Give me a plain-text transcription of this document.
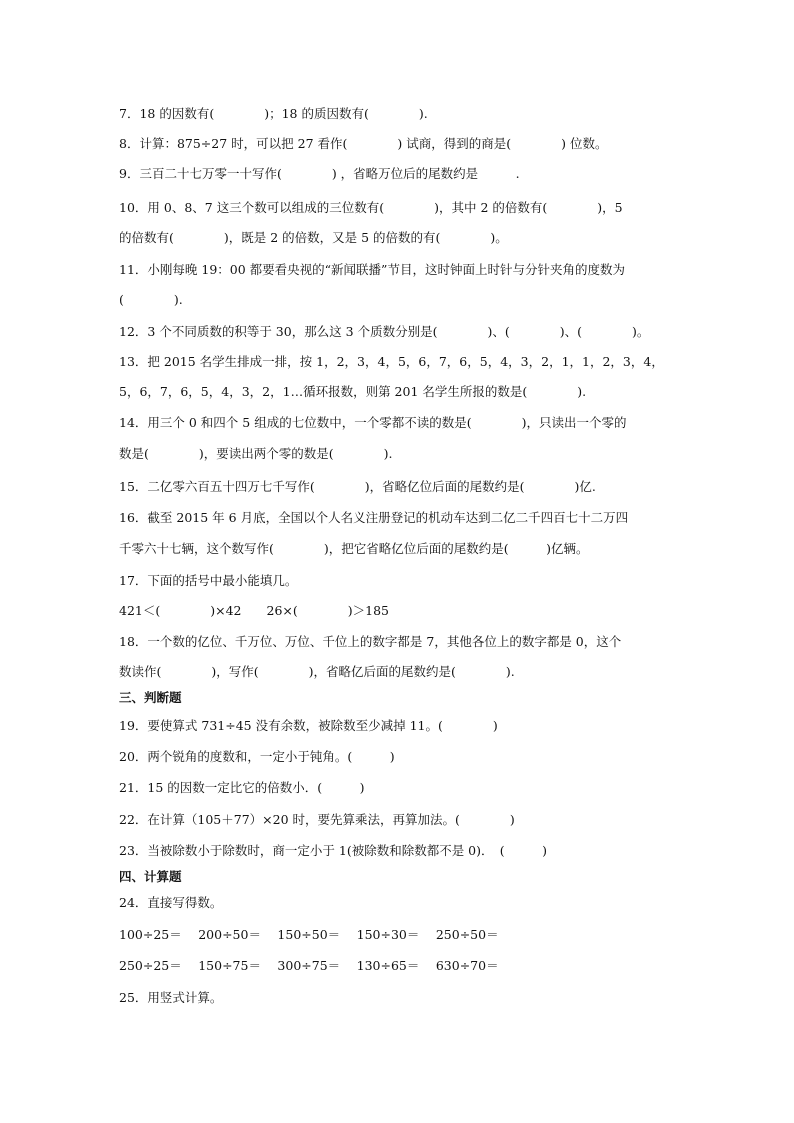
7．18 的因数有(　　　　)；18 的质因数有(　　　　).
8．计算：875÷27 时，可以把 27 看作(　　　　) 试商，得到的商是(　　　　) 位数。
9．三百二十七万零一十写作(　　　　) ，省略万位后的尾数约是　　　.
10．用 0、8、7 这三个数可以组成的三位数有(　　　　)，其中 2 的倍数有(　　　　)，5
的倍数有(　　　　)，既是 2 的倍数，又是 5 的倍数的有(　　　　)。
11．小刚每晚 19：00 都要看央视的“新闻联播”节目，这时钟面上时针与分针夹角的度数为
(　　　　).
12．3 个不同质数的积等于 30，那么这 3 个质数分别是(　　　　)、(　　　　)、(　　　　)。
13．把 2015 名学生排成一排，按 1，2，3，4，5，6，7，6，5，4，3，2，1，1，2，3，4，
5，6，7，6，5，4，3，2，1…循环报数，则第 201 名学生所报的数是(　　　　).
14．用三个 0 和四个 5 组成的七位数中，一个零都不读的数是(　　　　)，只读出一个零的
数是(　　　　)，要读出两个零的数是(　　　　).
15．二亿零六百五十四万七千写作(　　　　)，省略亿位后面的尾数约是(　　　　)亿.
16．截至 2015 年 6 月底，全国以个人名义注册登记的机动车达到二亿二千四百七十二万四
千零六十七辆，这个数写作(　　　　)，把它省略亿位后面的尾数约是(　　　)亿辆。
17．下面的括号中最小能填几。
421＜(　　　　)×42　　26×(　　　　)＞185
18．一个数的亿位、千万位、万位、千位上的数字都是 7，其他各位上的数字都是 0，这个
数读作(　　　　)，写作(　　　　)，省略亿后面的尾数约是(　　　　).
三、判断题
19．要使算式 731÷45 没有余数，被除数至少减掉 11。(　　　　)
20．两个锐角的度数和，一定小于钝角。(　　　)
21．15 的因数一定比它的倍数小．(　　　)
22．在计算（105＋77）×20 时，要先算乘法，再算加法。(　　　　)
23．当被除数小于除数时，商一定小于 1(被除数和除数都不是 0)．　(　　　)
四、计算题
24．直接写得数。
100÷25＝　 200÷50＝　 150÷50＝　 150÷30＝　 250÷50＝
250÷25＝　 150÷75＝　 300÷75＝　 130÷65＝　 630÷70＝
25．用竖式计算。
